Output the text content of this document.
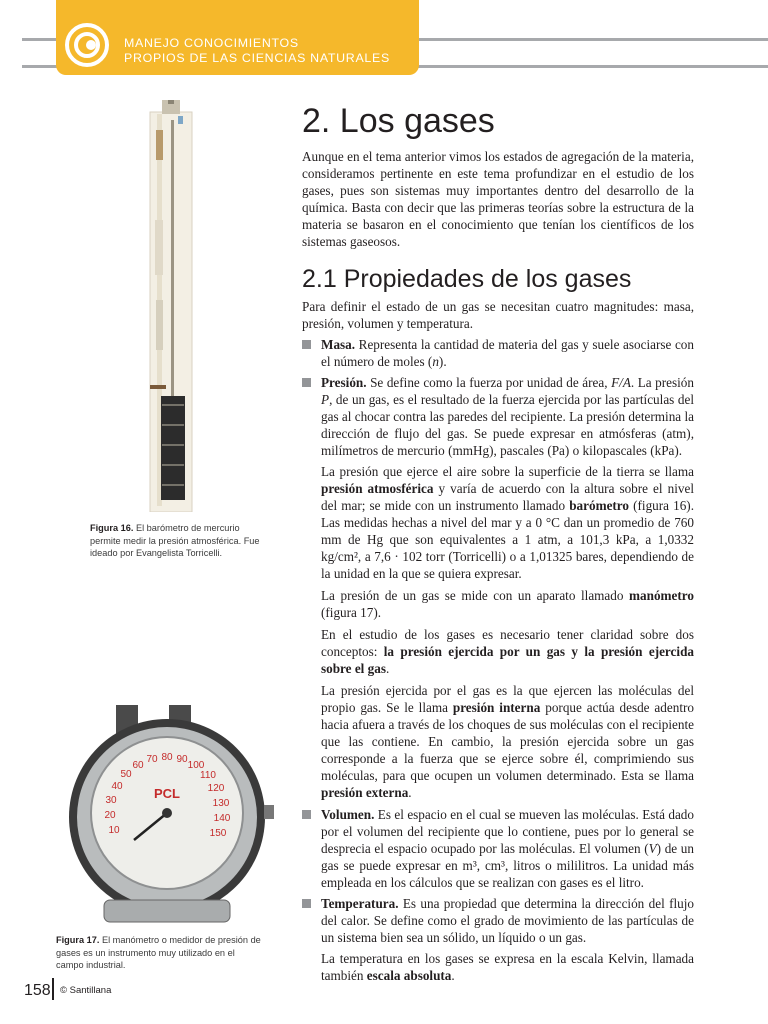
MANEJO CONOCIMIENTOS
PROPIOS DE LAS CIENCIAS NATURALES
Figura 16. El barómetro de mercurio permite medir la presión atmosférica. Fue ideado por Evangelista Torricelli.
10
20
30
40
50
60
70 80 90
100
110
120
130
140
150
PCL
Figura 17. El manómetro o medidor de presión de gases es un instrumento muy utilizado en el campo industrial.
2. Los gases

Aunque en el tema anterior vimos los estados de agregación de la materia, consideramos pertinente en este tema profundizar en el estudio de los gases, pues son sistemas muy importantes dentro del desarrollo de la química. Basta con decir que las primeras teorías sobre la estructura de la materia se basaron en el conocimiento que tenían los científicos de los sistemas gaseosos.

2.1 Propiedades de los gases

Para definir el estado de un gas se necesitan cuatro magnitudes: masa, presión, volumen y temperatura.

Masa. Representa la cantidad de materia del gas y suele asociarse con el número de moles (n).

Presión. Se define como la fuerza por unidad de área, F/A. La presión P, de un gas, es el resultado de la fuerza ejercida por las partículas del gas al chocar contra las paredes del recipiente. La presión determina la dirección de flujo del gas. Se puede expresar en atmósferas (atm), milímetros de mercurio (mmHg), pascales (Pa) o kilopascales (kPa).

La presión que ejerce el aire sobre la superficie de la tierra se llama presión atmosférica y varía de acuerdo con la altura sobre el nivel del mar; se mide con un instrumento llamado barómetro (figura 16). Las medidas hechas a nivel del mar y a 0 °C dan un promedio de 760 mm de Hg que son equivalentes a 1 atm, a 101,3 kPa, a 1,0332 kg/cm², a 7,6 · 102 torr (Torricelli) o a 1,01325 bares, dependiendo de la unidad en la que se quiera expresar.

La presión de un gas se mide con un aparato llamado manómetro (figura 17).

En el estudio de los gases es necesario tener claridad sobre dos conceptos: la presión ejercida por un gas y la presión ejercida sobre el gas.

La presión ejercida por el gas es la que ejercen las moléculas del propio gas. Se le llama presión interna porque actúa desde adentro hacia afuera a través de los choques de sus moléculas con el recipiente que las contiene. En cambio, la presión ejercida sobre un gas corresponde a la fuerza que se ejerce sobre él, comprimiendo sus moléculas, para que ocupen un volumen determinado. Esta se llama presión externa.

Volumen. Es el espacio en el cual se mueven las moléculas. Está dado por el volumen del recipiente que lo contiene, pues por lo general se desprecia el espacio ocupado por las moléculas. El volumen (V) de un gas se puede expresar en m³, cm³, litros o mililitros. La unidad más empleada en los cálculos que se realizan con gases es el litro.

Temperatura. Es una propiedad que determina la dirección del flujo del calor. Se define como el grado de movimiento de las partículas de un sistema bien sea un sólido, un líquido o un gas.

La temperatura en los gases se expresa en la escala Kelvin, llamada también escala absoluta.

158 © Santillana
